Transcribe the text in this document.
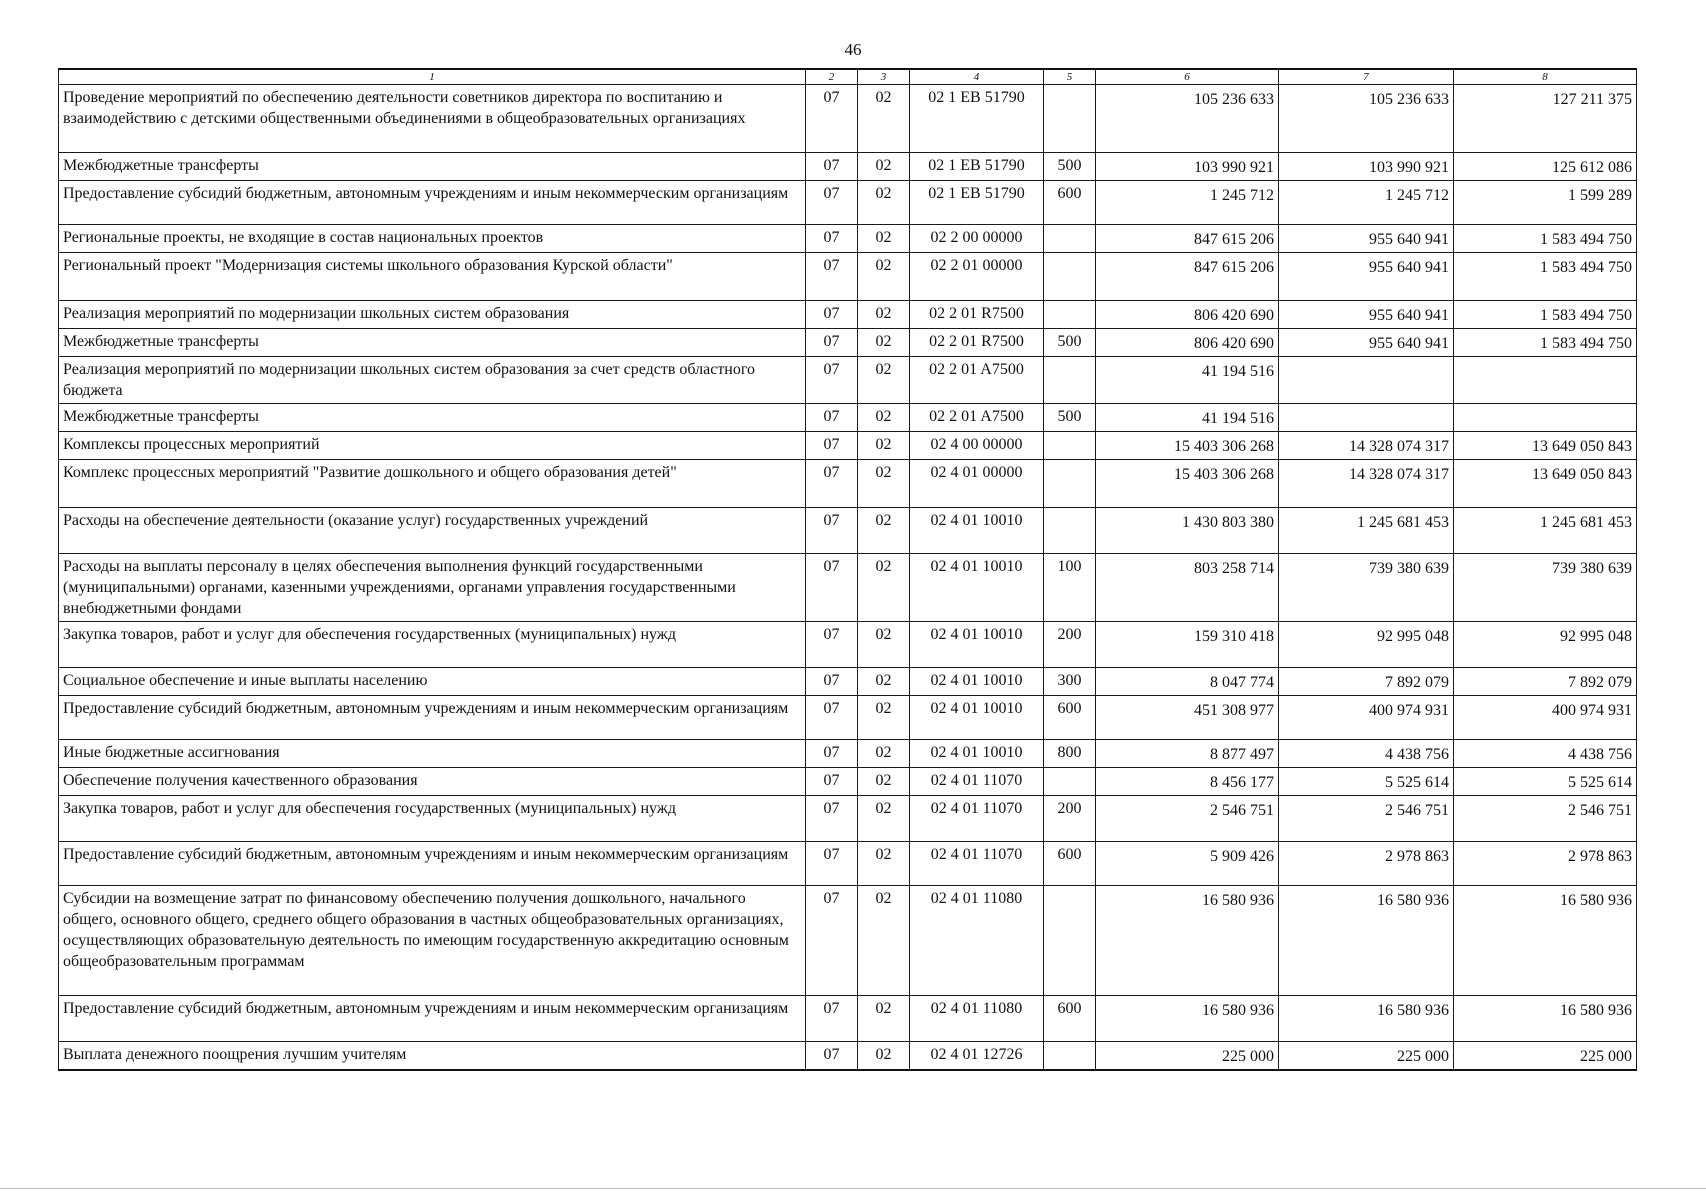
46
1	2	3	4	5	6	7	8
Проведение мероприятий по обеспечению деятельности советников директора по воспитанию и взаимодействию с детскими общественными объединениями в общеобразовательных организациях	07	02	02 1 EB 51790		105 236 633	105 236 633	127 211 375
Межбюджетные трансферты	07	02	02 1 EB 51790	500	103 990 921	103 990 921	125 612 086
Предоставление субсидий бюджетным, автономным учреждениям и иным некоммерческим организациям	07	02	02 1 EB 51790	600	1 245 712	1 245 712	1 599 289
Региональные проекты, не входящие в состав национальных проектов	07	02	02 2 00 00000		847 615 206	955 640 941	1 583 494 750
Региональный проект "Модернизация системы школьного образования Курской области"	07	02	02 2 01 00000		847 615 206	955 640 941	1 583 494 750
Реализация мероприятий по модернизации школьных систем образования	07	02	02 2 01 R7500		806 420 690	955 640 941	1 583 494 750
Межбюджетные трансферты	07	02	02 2 01 R7500	500	806 420 690	955 640 941	1 583 494 750
Реализация мероприятий по модернизации школьных систем образования за счет средств областного бюджета	07	02	02 2 01 A7500		41 194 516		
Межбюджетные трансферты	07	02	02 2 01 A7500	500	41 194 516		
Комплексы процессных мероприятий	07	02	02 4 00 00000		15 403 306 268	14 328 074 317	13 649 050 843
Комплекс процессных мероприятий "Развитие дошкольного и общего образования детей"	07	02	02 4 01 00000		15 403 306 268	14 328 074 317	13 649 050 843
Расходы на обеспечение деятельности (оказание услуг) государственных учреждений	07	02	02 4 01 10010		1 430 803 380	1 245 681 453	1 245 681 453
Расходы на выплаты персоналу в целях обеспечения выполнения функций государственными (муниципальными) органами, казенными учреждениями, органами управления государственными внебюджетными фондами	07	02	02 4 01 10010	100	803 258 714	739 380 639	739 380 639
Закупка товаров, работ и услуг для обеспечения государственных (муниципальных) нужд	07	02	02 4 01 10010	200	159 310 418	92 995 048	92 995 048
Социальное обеспечение и иные выплаты населению	07	02	02 4 01 10010	300	8 047 774	7 892 079	7 892 079
Предоставление субсидий бюджетным, автономным учреждениям и иным некоммерческим организациям	07	02	02 4 01 10010	600	451 308 977	400 974 931	400 974 931
Иные бюджетные ассигнования	07	02	02 4 01 10010	800	8 877 497	4 438 756	4 438 756
Обеспечение получения качественного образования	07	02	02 4 01 11070		8 456 177	5 525 614	5 525 614
Закупка товаров, работ и услуг для обеспечения государственных (муниципальных) нужд	07	02	02 4 01 11070	200	2 546 751	2 546 751	2 546 751
Предоставление субсидий бюджетным, автономным учреждениям и иным некоммерческим организациям	07	02	02 4 01 11070	600	5 909 426	2 978 863	2 978 863
Субсидии на возмещение затрат по финансовому обеспечению получения дошкольного, начального общего, основного общего, среднего общего образования в частных общеобразовательных организациях, осуществляющих образовательную деятельность по имеющим государственную аккредитацию основным общеобразовательным программам	07	02	02 4 01 11080		16 580 936	16 580 936	16 580 936
Предоставление субсидий бюджетным, автономным учреждениям и иным некоммерческим организациям	07	02	02 4 01 11080	600	16 580 936	16 580 936	16 580 936
Выплата денежного поощрения лучшим учителям	07	02	02 4 01 12726		225 000	225 000	225 000
